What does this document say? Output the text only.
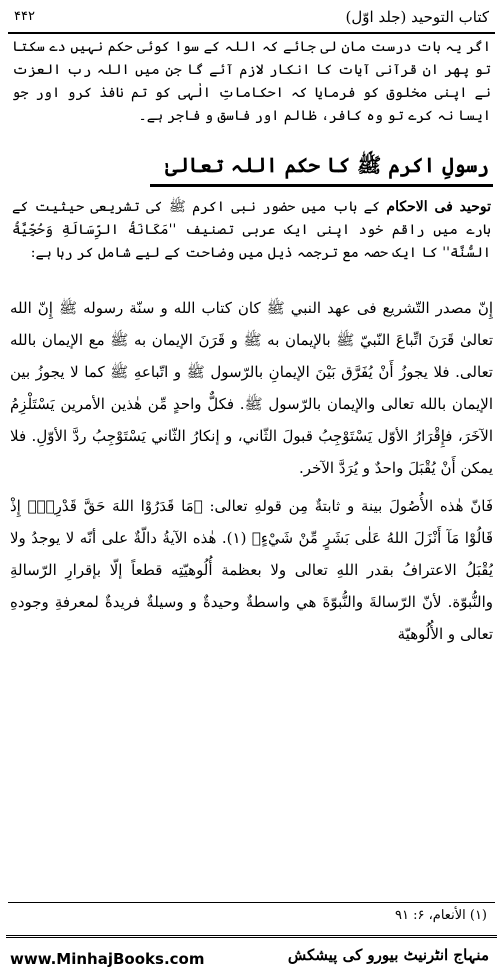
کتاب التوحید (جلد اوّل)
۴۴۲
اگر یہ بات درست مان لی جائے کہ اللہ کے سوا کوئی حکم نہیں دے سکتا تو پھر ان قرآنی آیات کا انکار لازم آئے گا جن میں اللہ رب العزت نے اپنی مخلوق کو فرمایا کہ احکاماتِ الٰہی کو تم نافذ کرو اور جو ایسا نہ کرے تو وہ کافر، ظالم اور فاسق و فاجر ہے۔
رسولِ اکرم ﷺ کا حکم اللہ تعالیٰ
توحید فی الاحکام کے باب میں حضور نبی اکرم ﷺ کی تشریعی حیثیت کے بارے میں راقم خود اپنی ایک عربی تصنیف ''مَكَانَةُ الرِّسَالَةِ وَحُجِّيَّةُ السُّنَّة'' کا ایک حصہ مع ترجمہ ذیل میں وضاحت کے لیے شامل کر رہا ہے:

إِنّ مصدر التّشريع فی عهد النبي ﷺ كان كتاب الله و سنّة رسوله ﷺ إِنّ الله تعالىٰ قَرَنَ اتِّباعَ النّبيّ ﷺ بالإيمان به ﷺ و قَرَنَ الإيمان به ﷺ مع الإيمان بالله تعالى. فلا يجوزُ أَنْ يُفَرَّق بَيْنَ الإيمانِ بالرّسول ﷺ و اتّباعهِ ﷺ كما لا يجوزُ بين الإيمان بالله تعالى والإيمان بالرّسول ﷺ. فكلٌّ واحدٍ مِّن هٰذين الأمرين يَسْتَلْزِمُ الآخَرَ، فإِقْرَارُ الأوّل يَسْتَوْجِبُ قبولَ الثّاني، و إنكارُ الثّاني يَسْتَوْجِبُ ردَّ الأوّلِ. فلا يمكن أَنْ يُقْبَلَ واحدٌ و يُرَدَّ الآخر.

فَانّ هٰذه الأُصُولَ بينة و ثابتةٌ مِن قولهِ تعالى: ﴿مَا قَدَرُوْا اللهَ حَقَّ قَدْرِهٖٓ إِذْ قَالُوْا مَآ أَنْزَلَ اللهُ عَلٰى بَشَرٍ مِّنْ شَيْءٍ﴾ (۱). هٰذه الآيةُ دالّةٌ على أنّه لا يوجدُ ولا يُقْبَلُ الاعترافُ بقدر اللهِ تعالى ولا بعظمة أُلُوهيّتِه قطعاً إلّا بإقرارِ الرّسالةِ والنُّبوّة. لأنّ الرّسالةَ والنُّبوّةَ هي واسطةٌ وحيدةٌ و وسيلةٌ فريدةٌ لمعرفةِ وجودهِ تعالى و الأُلُوهيّة

(۱) الأنعام، ۶: ۹۱
www.MinhajBooks.com	منہاج انٹرنیٹ بیورو کی پیشکش
